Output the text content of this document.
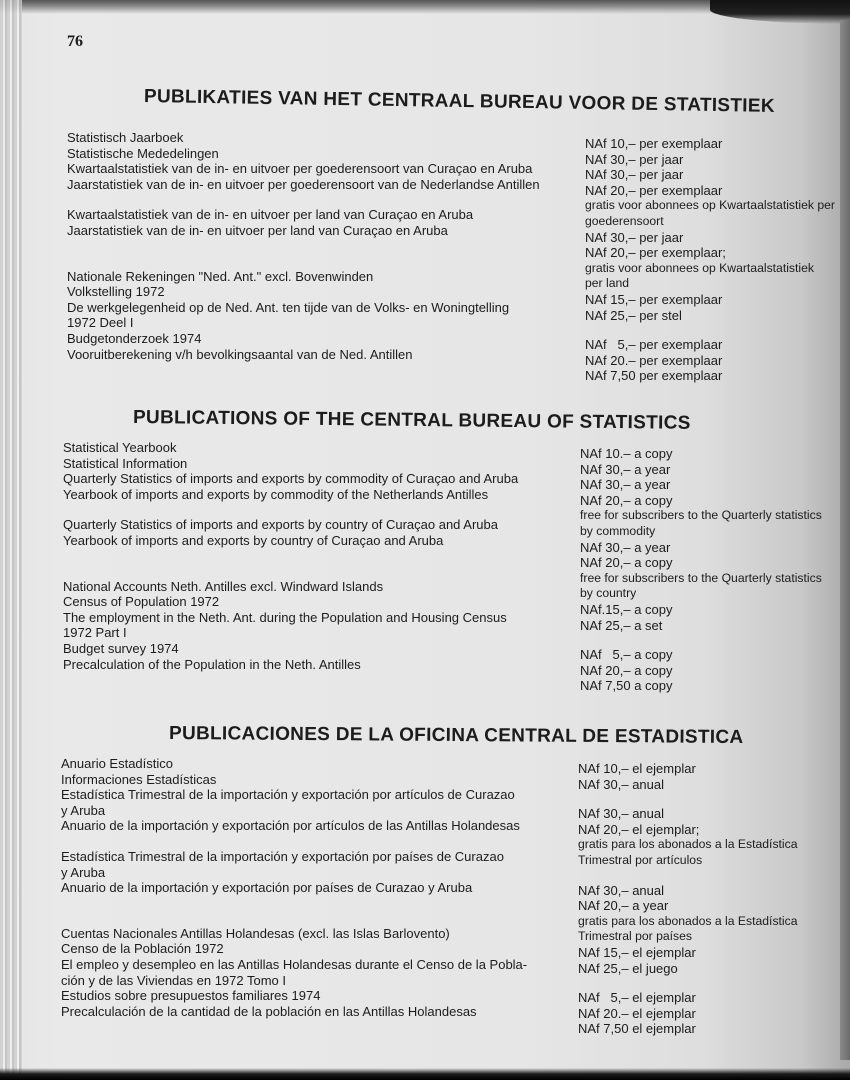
76
PUBLIKATIES VAN HET CENTRAAL BUREAU VOOR DE STATISTIEK
Statistisch Jaarboek
Statistische Mededelingen
Kwartaalstatistiek van de in- en uitvoer per goederensoort van Curaçao en Aruba
Jaarstatistiek van de in- en uitvoer per goederensoort van de Nederlandse Antillen
Kwartaalstatistiek van de in- en uitvoer per land van Curaçao en Aruba
Jaarstatistiek van de in- en uitvoer per land van Curaçao en Aruba
Nationale Rekeningen "Ned. Ant." excl. Bovenwinden
Volkstelling 1972
De werkgelegenheid op de Ned. Ant. ten tijde van de Volks- en Woningtelling
1972 Deel I
Budgetonderzoek 1974
Vooruitberekening v/h bevolkingsaantal van de Ned. Antillen
NAf 10,– per exemplaar
NAf 30,– per jaar
NAf 30,– per jaar
NAf 20,– per exemplaar
gratis voor abonnees op Kwartaalstatistiek per
goederensoort
NAf 30,– per jaar
NAf 20,– per exemplaar;
gratis voor abonnees op Kwartaalstatistiek
per land
NAf 15,– per exemplaar
NAf 25,– per stel
NAf   5,– per exemplaar
NAf 20.– per exemplaar
NAf 7,50 per exemplaar
PUBLICATIONS OF THE CENTRAL BUREAU OF STATISTICS
Statistical Yearbook
Statistical Information
Quarterly Statistics of imports and exports by commodity of Curaçao and Aruba
Yearbook of imports and exports by commodity of the Netherlands Antilles
Quarterly Statistics of imports and exports by country of Curaçao and Aruba
Yearbook of imports and exports by country of Curaçao and Aruba
National Accounts Neth. Antilles excl. Windward Islands
Census of Population 1972
The employment in the Neth. Ant. during the Population and Housing Census
1972 Part I
Budget survey 1974
Precalculation of the Population in the Neth. Antilles
NAf 10.– a copy
NAf 30,– a year
NAf 30,– a year
NAf 20,– a copy
free for subscribers to the Quarterly statistics
by commodity
NAf 30,– a year
NAf 20,– a copy
free for subscribers to the Quarterly statistics
by country
NAf.15,– a copy
NAf 25,– a set
NAf   5,– a copy
NAf 20,– a copy
NAf 7,50 a copy
PUBLICACIONES DE LA OFICINA CENTRAL DE ESTADISTICA
Anuario Estadístico
Informaciones Estadísticas
Estadística Trimestral de la importación y exportación por artículos de Curazao
y Aruba
Anuario de la importación y exportación por artículos de las Antillas Holandesas
Estadística Trimestral de la importación y exportación por países de Curazao
y Aruba
Anuario de la importación y exportación por países de Curazao y Aruba
Cuentas Nacionales Antillas Holandesas (excl. las Islas Barlovento)
Censo de la Población 1972
El empleo y desempleo en las Antillas Holandesas durante el Censo de la Pobla-
ción y de las Viviendas en 1972 Tomo I
Estudios sobre presupuestos familiares 1974
Precalculación de la cantidad de la población en las Antillas Holandesas
NAf 10,– el ejemplar
NAf 30,– anual
NAf 30,– anual
NAf 20,– el ejemplar;
gratis para los abonados a la Estadística
Trimestral por artículos
NAf 30,– anual
NAf 20,– a year
gratis para los abonados a la Estadística
Trimestral por países
NAf 15,– el ejemplar
NAf 25,– el juego
NAf   5,– el ejemplar
NAf 20.– el ejemplar
NAf 7,50 el ejemplar
